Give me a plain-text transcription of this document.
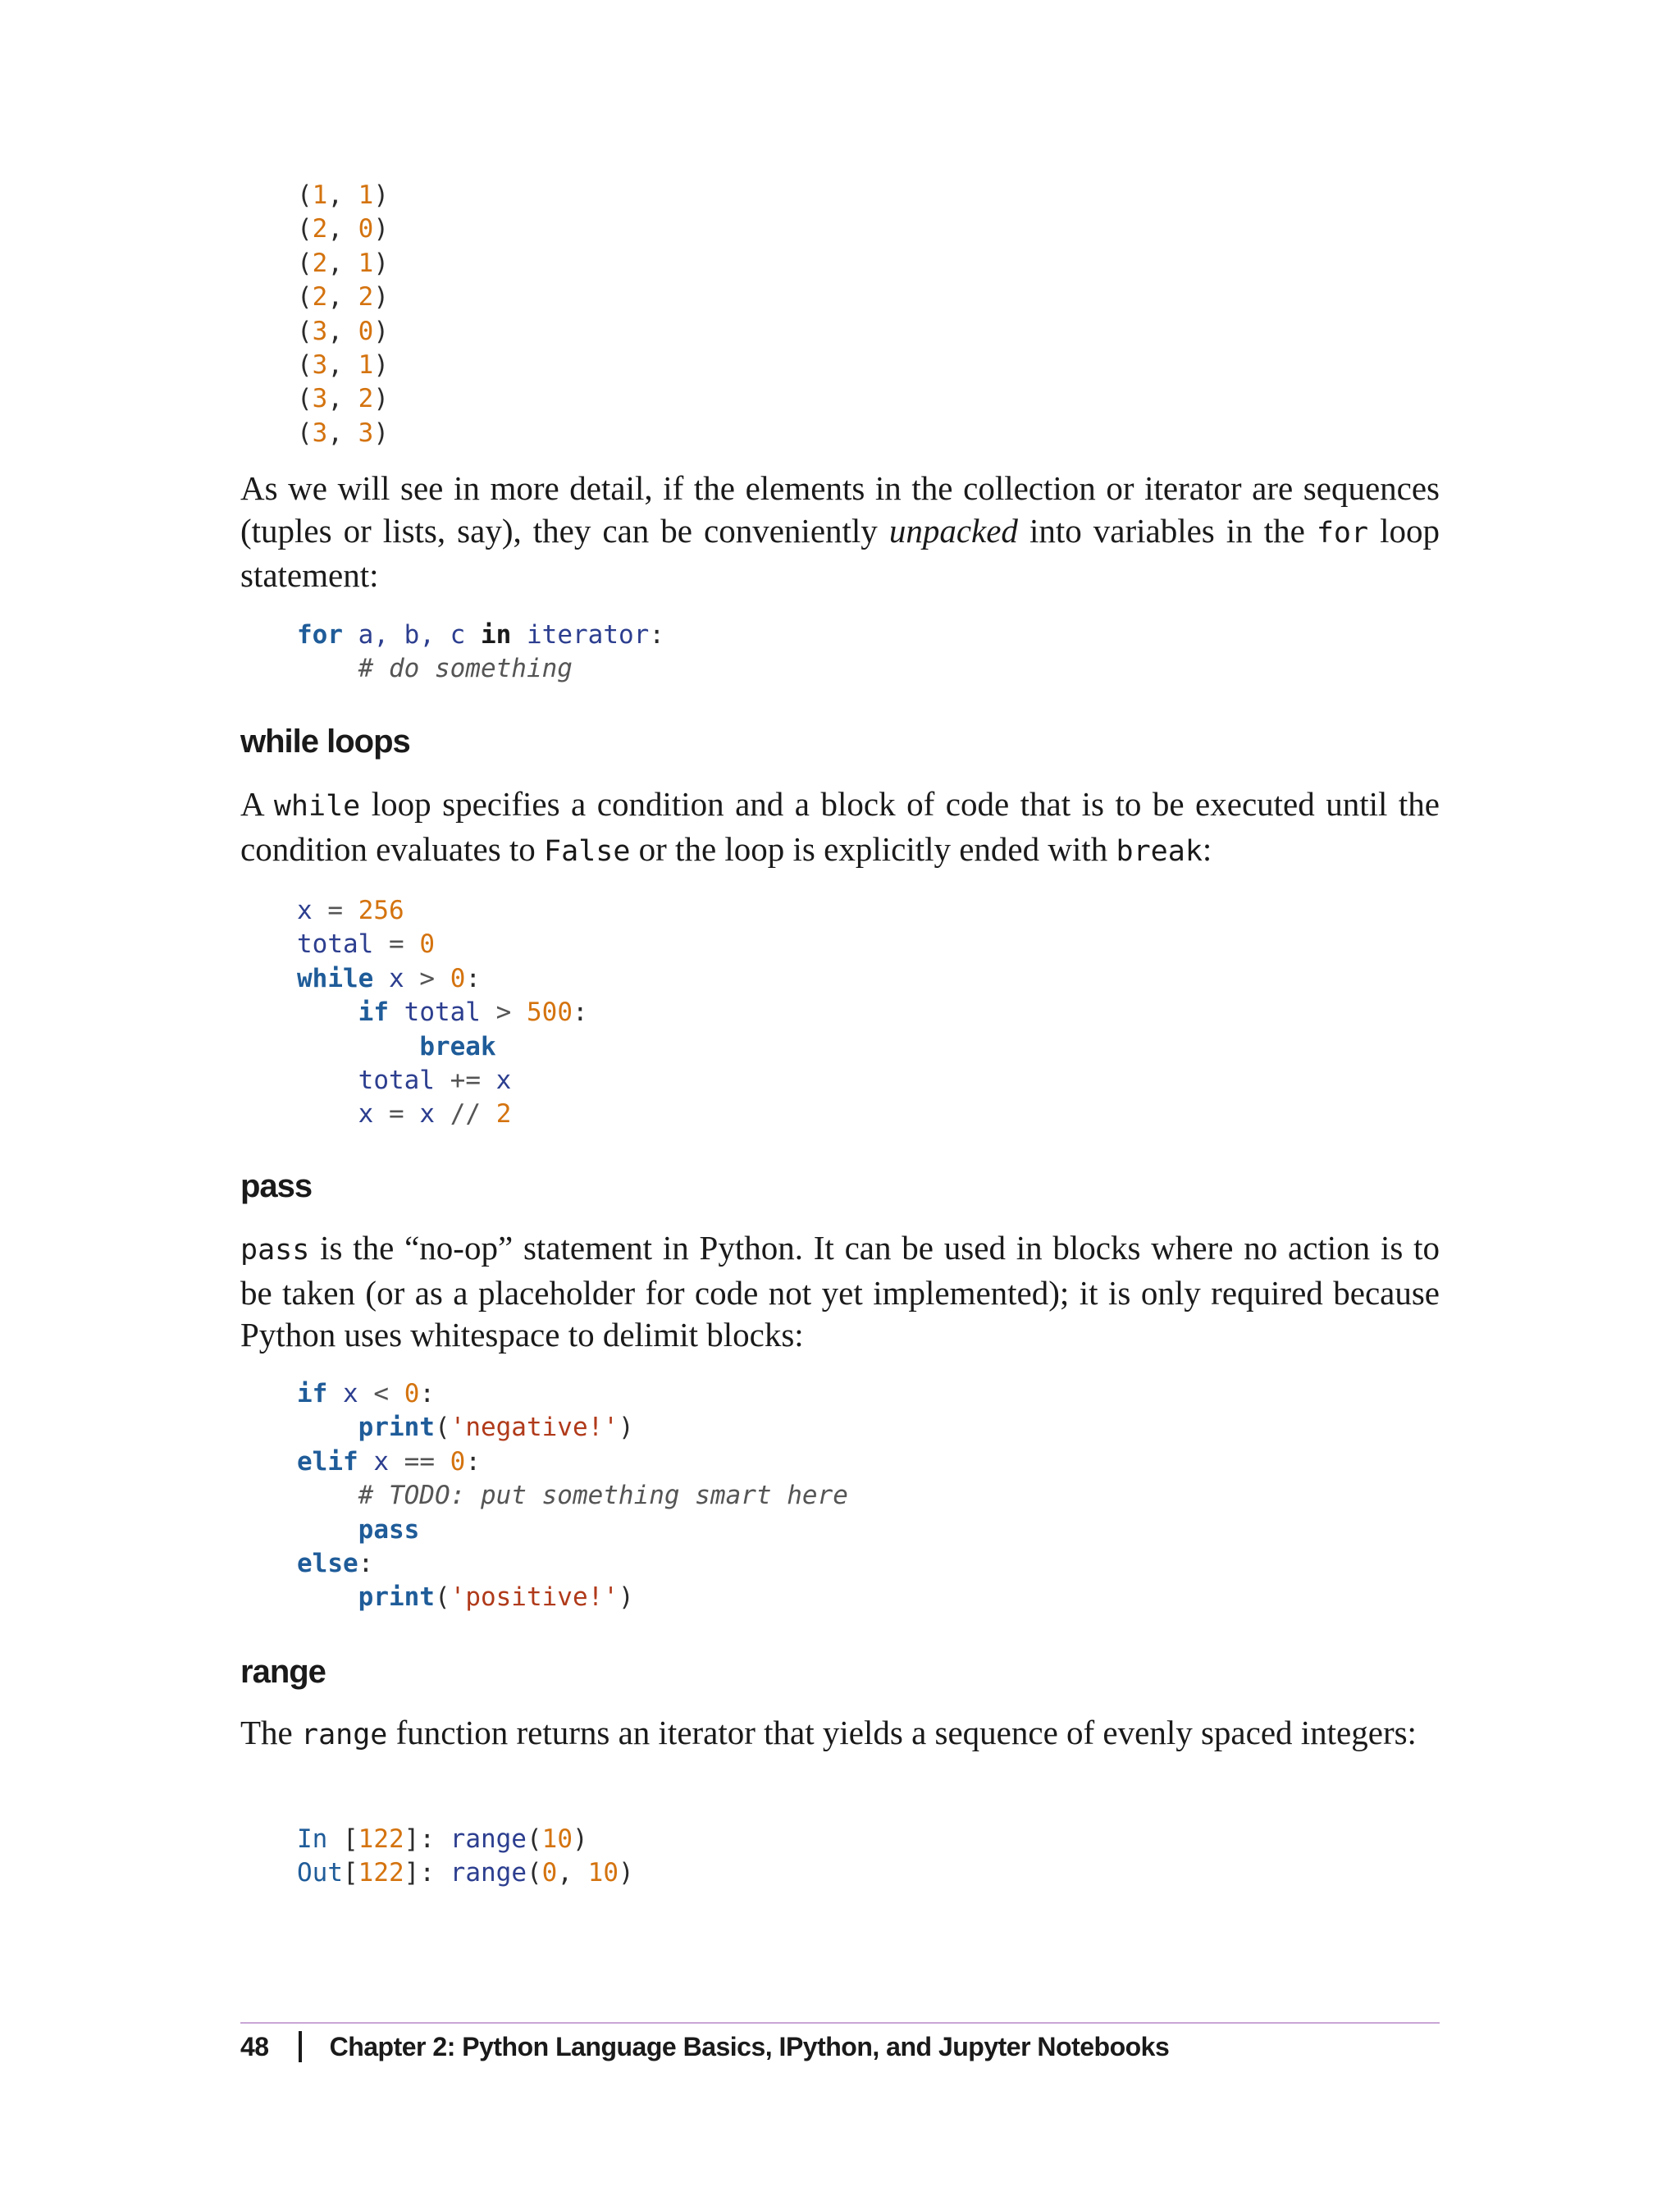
(1, 1)
(2, 0)
(2, 1)
(2, 2)
(3, 0)
(3, 1)
(3, 2)
(3, 3)

As we will see in more detail, if the elements in the collection or iterator are sequences (tuples or lists, say), they can be conveniently unpacked into variables in the for loop statement:

for a, b, c in iterator:
# do something
while loops

A while loop specifies a condition and a block of code that is to be executed until the condition evaluates to False or the loop is explicitly ended with break:

x = 256
total = 0
while x > 0:
if total > 500:
break
total += x
x = x // 2
pass

pass is the “no-op” statement in Python. It can be used in blocks where no action is to be taken (or as a placeholder for code not yet implemented); it is only required because Python uses whitespace to delimit blocks:

if x < 0:
print('negative!')
elif x == 0:
# TODO: put something smart here
pass
else:
print('positive!')
range

The range function returns an iterator that yields a sequence of evenly spaced integers:

In [122]: range(10)
Out[122]: range(0, 10)
48 Chapter 2: Python Language Basics, IPython, and Jupyter Notebooks
